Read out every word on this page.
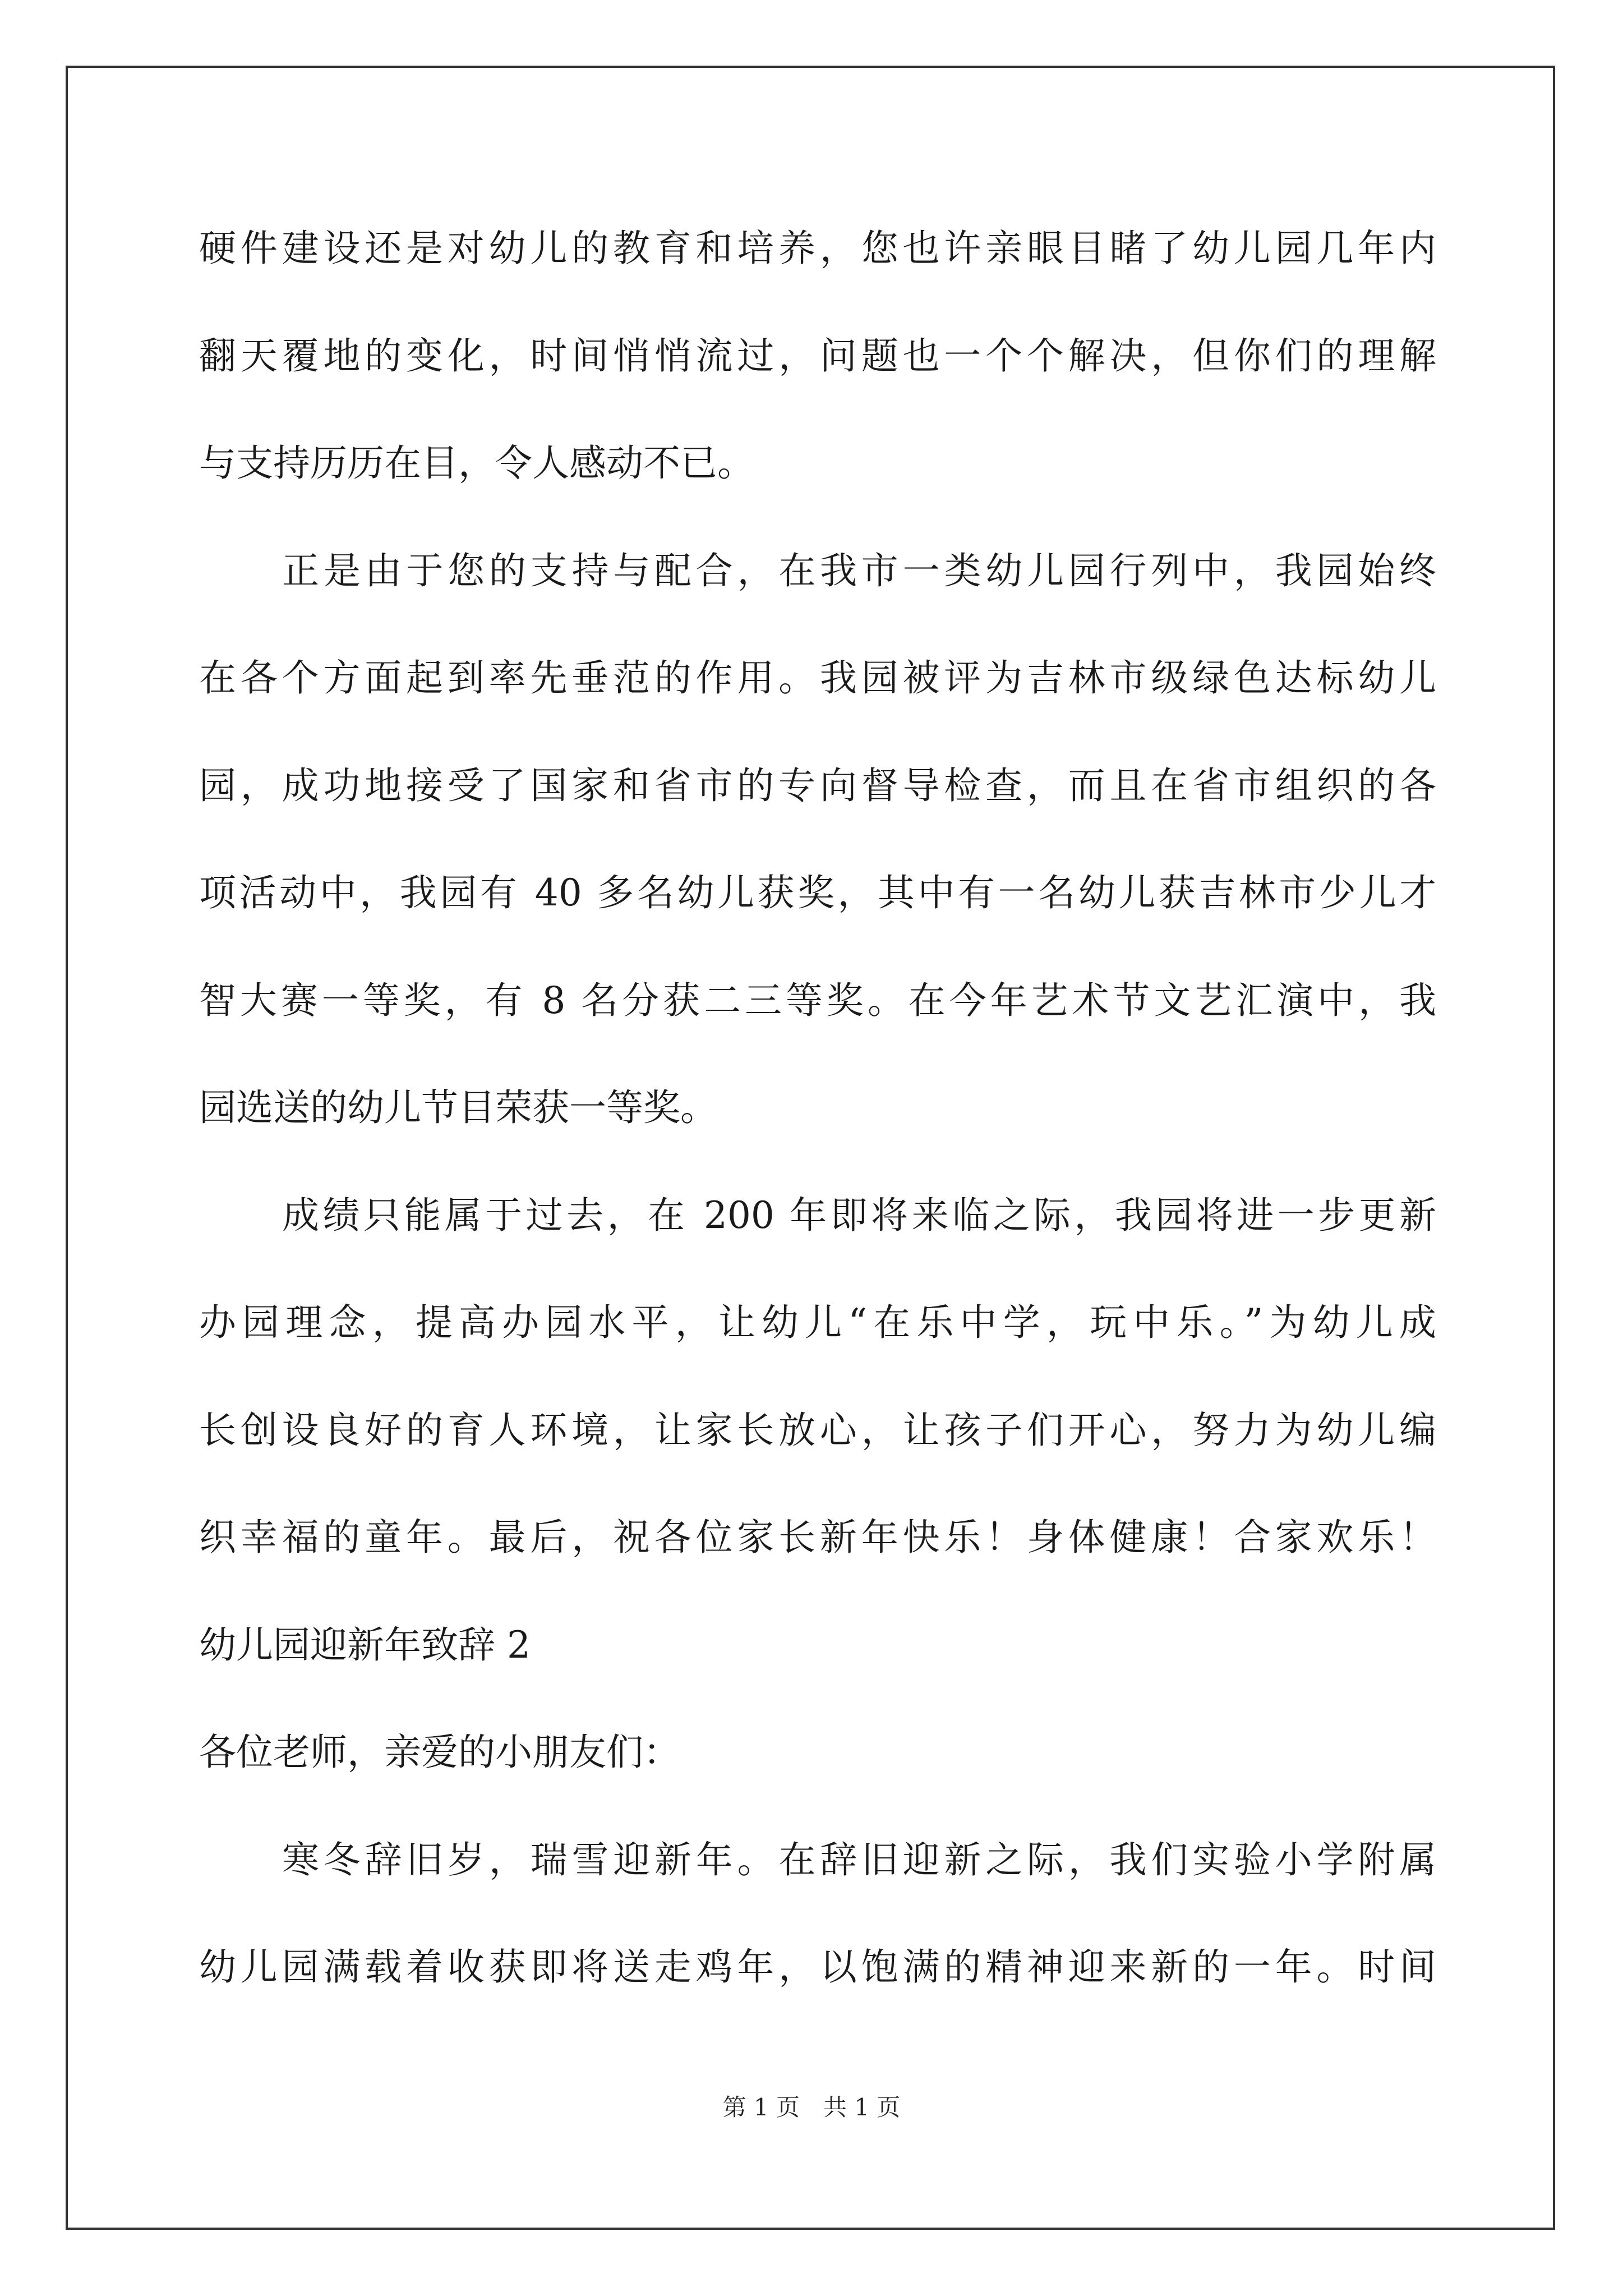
硬件建设还是对幼儿的教育和培养，您也许亲眼目睹了幼儿园几年内
翻天覆地的变化，时间悄悄流过，问题也一个个解决，但你们的理解
与支持历历在目，令人感动不已。
正是由于您的支持与配合，在我市一类幼儿园行列中，我园始终
在各个方面起到率先垂范的作用。我园被评为吉林市级绿色达标幼儿
园，成功地接受了国家和省市的专向督导检查，而且在省市组织的各
项活动中，我园有 40 多名幼儿获奖，其中有一名幼儿获吉林市少儿才
智大赛一等奖，有 8 名分获二三等奖。在今年艺术节文艺汇演中，我
园选送的幼儿节目荣获一等奖。
成绩只能属于过去，在 200 年即将来临之际，我园将进一步更新
办园理念，提高办园水平，让幼儿“在乐中学，玩中乐。”为幼儿成
长创设良好的育人环境，让家长放心，让孩子们开心，努力为幼儿编
织幸福的童年。最后，祝各位家长新年快乐！身体健康！合家欢乐！
幼儿园迎新年致辞 2
各位老师，亲爱的小朋友们：
寒冬辞旧岁，瑞雪迎新年。在辞旧迎新之际，我们实验小学附属
幼儿园满载着收获即将送走鸡年，以饱满的精神迎来新的一年。时间
第 1 页　共 1 页
